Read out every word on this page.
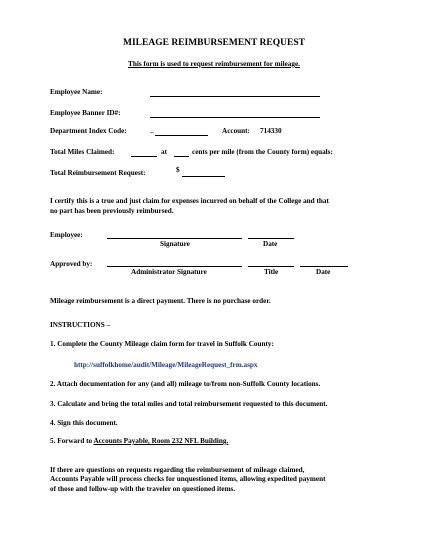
MILEAGE REIMBURSEMENT REQUEST
This form is used to request reimbursement for mileage.
Employee Name:
Employee Banner ID#:
Department Index Code:	_	Account: 714330
Total Miles Claimed:	at	cents per mile (from the County form) equals:
Total Reimbursement Request:	$
I certify this is a true and just claim for expenses incurred on behalf of the College and that
no part has been previously reimbursed.
Employee:
Signature	Date
Approved by:
Administrator Signature	Title	Date
Mileage reimbursement is a direct payment. There is no purchase order.
INSTRUCTIONS –
1. Complete the County Mileage claim form for travel in Suffolk County:
http://suffolkhome/audit/Mileage/MileageRequest_frm.aspx
2. Attach documentation for any (and all) mileage to/from non-Suffolk County locations.
3. Calculate and bring the total miles and total reimbursement requested to this document.
4. Sign this document.
5. Forward to Accounts Payable, Room 232 NFL Building.
If there are questions on requests regarding the reimbursement of mileage claimed,
Accounts Payable will process checks for unquestioned items, allowing expedited payment
of those and follow-up with the traveler on questioned items.
